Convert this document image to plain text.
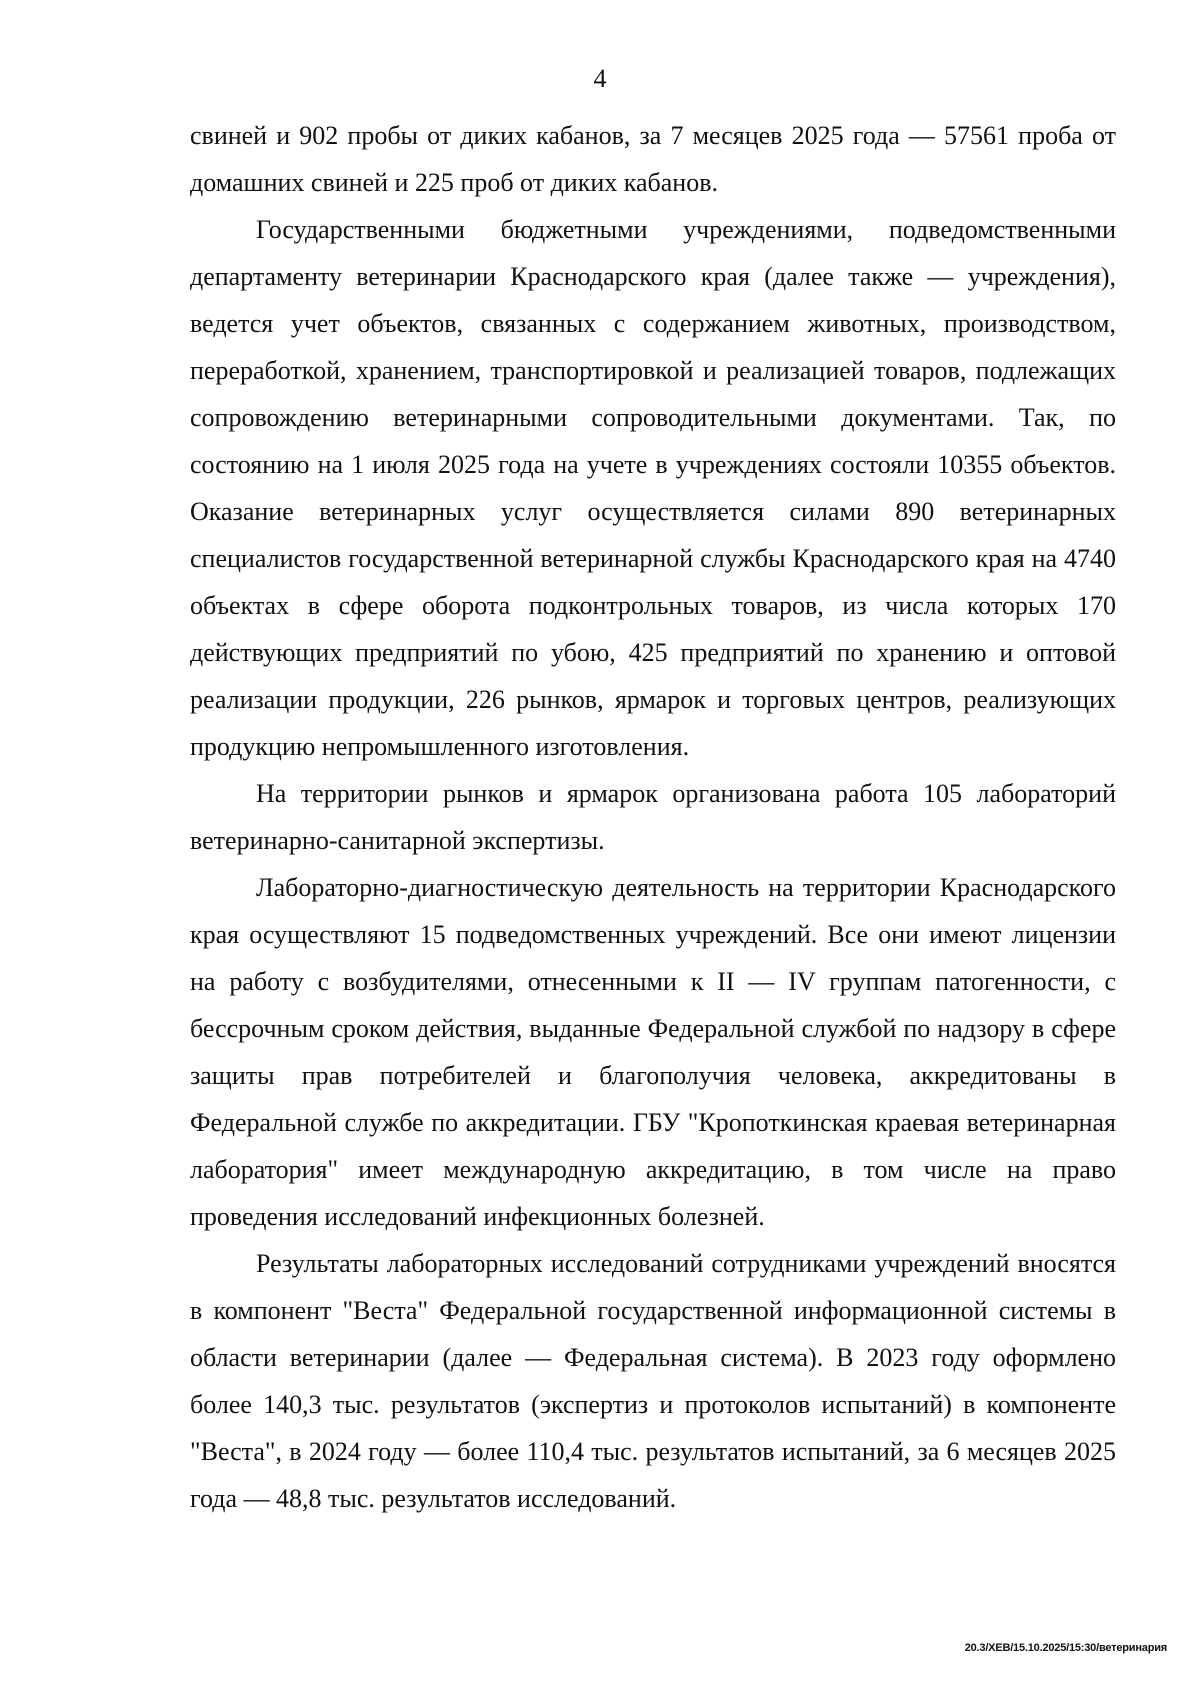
4

свиней и 902 пробы от диких кабанов, за 7 месяцев 2025 года — 57561 проба от домашних свиней и 225 проб от диких кабанов.

Государственными бюджетными учреждениями, подведомственными департаменту ветеринарии Краснодарского края (далее также — учреждения), ведется учет объектов, связанных с содержанием животных, производством, переработкой, хранением, транспортировкой и реализацией товаров, подлежащих сопровождению ветеринарными сопроводительными документами. Так, по состоянию на 1 июля 2025 года на учете в учреждениях состояли 10355 объектов. Оказание ветеринарных услуг осуществляется силами 890 ветеринарных специалистов государственной ветеринарной службы Краснодарского края на 4740 объектах в сфере оборота подконтрольных товаров, из числа которых 170 действующих предприятий по убою, 425 предприятий по хранению и оптовой реализации продукции, 226 рынков, ярмарок и торговых центров, реализующих продукцию непромышленного изготовления.

На территории рынков и ярмарок организована работа 105 лабораторий ветеринарно-санитарной экспертизы.

Лабораторно-диагностическую деятельность на территории Краснодарского края осуществляют 15 подведомственных учреждений. Все они имеют лицензии на работу с возбудителями, отнесенными к II — IV группам патогенности, с бессрочным сроком действия, выданные Федеральной службой по надзору в сфере защиты прав потребителей и благополучия человека, аккредитованы в Федеральной службе по аккредитации. ГБУ "Кропоткинская краевая ветеринарная лаборатория" имеет международную аккредитацию, в том числе на право проведения исследований инфекционных болезней.

Результаты лабораторных исследований сотрудниками учреждений вносятся в компонент "Веста" Федеральной государственной информационной системы в области ветеринарии (далее — Федеральная система). В 2023 году оформлено более 140,3 тыс. результатов (экспертиз и протоколов испытаний) в компоненте "Веста", в 2024 году — более 110,4 тыс. результатов испытаний, за 6 месяцев 2025 года — 48,8 тыс. результатов исследований.

20.3/ХЕВ/15.10.2025/15:30/ветеринария
